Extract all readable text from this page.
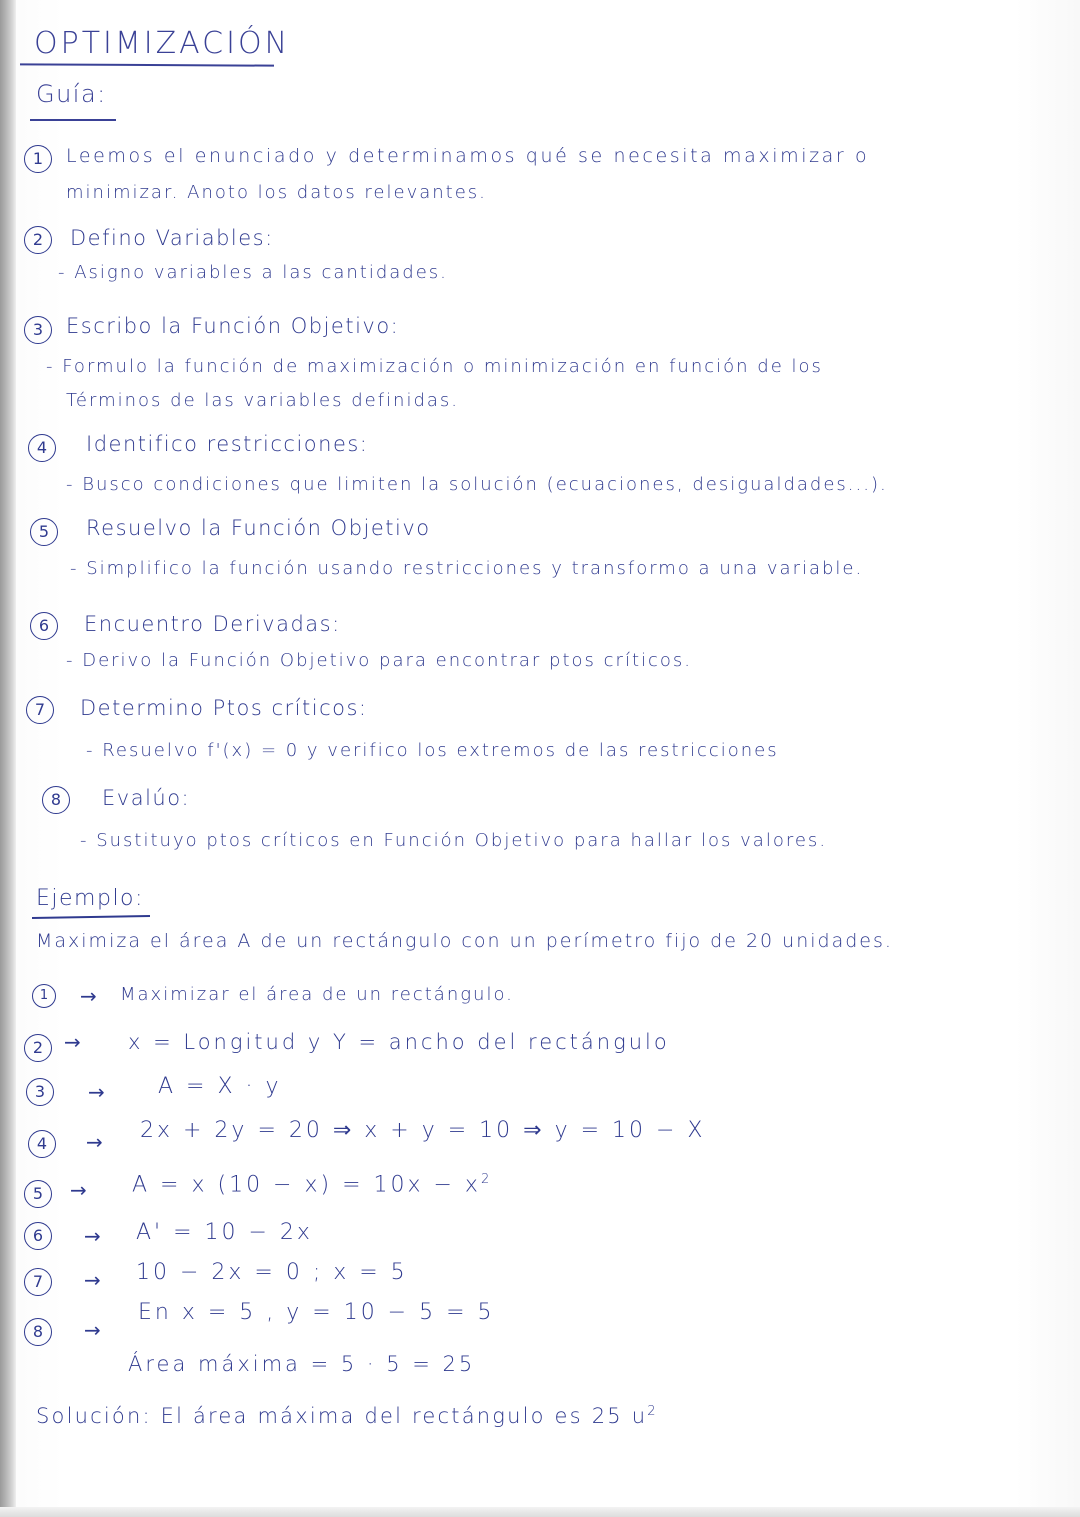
OPTIMIZACIÓN
Guía:
1	Leemos el enunciado y determinamos qué se necesita maximizar o
minimizar. Anoto los datos relevantes.
2	Defino Variables:
- Asigno variables a las cantidades.
3	Escribo la Función Objetivo:
- Formulo la función de maximización o minimización en función de los
Términos de las variables definidas.
4	Identifico restricciones:
- Busco condiciones que limiten la solución (ecuaciones, desigualdades...).
5	Resuelvo la Función Objetivo
- Simplifico la función usando restricciones y transformo a una variable.
6	Encuentro Derivadas:
- Derivo la Función Objetivo para encontrar ptos críticos.
7	Determino Ptos críticos:
- Resuelvo f'(x) = 0 y verifico los extremos de las restricciones
8	Evalúo:
- Sustituyo ptos críticos en Función Objetivo para hallar los valores.
Ejemplo:
Maximiza el área A de un rectángulo con un perímetro fijo de 20 unidades.
1	→ Maximizar el área de un rectángulo.
2	→ x = Longitud y Y = ancho del rectángulo
3	→ A = X · y
4	→ 2x + 2y = 20 ⇒ x + y = 10 ⇒ y = 10 − X
5	→ A = x $(10 - x) = 10x - x^2$
6	→ A' = 10 − 2x
7	→ 10 − 2x = 0 ; x = 5
8	→
En x = 5 , y = 10 − 5 = 5
Área máxima = 5 · 5 = 25
Solución: El área máxima del rectángulo es 25 $u^2$
